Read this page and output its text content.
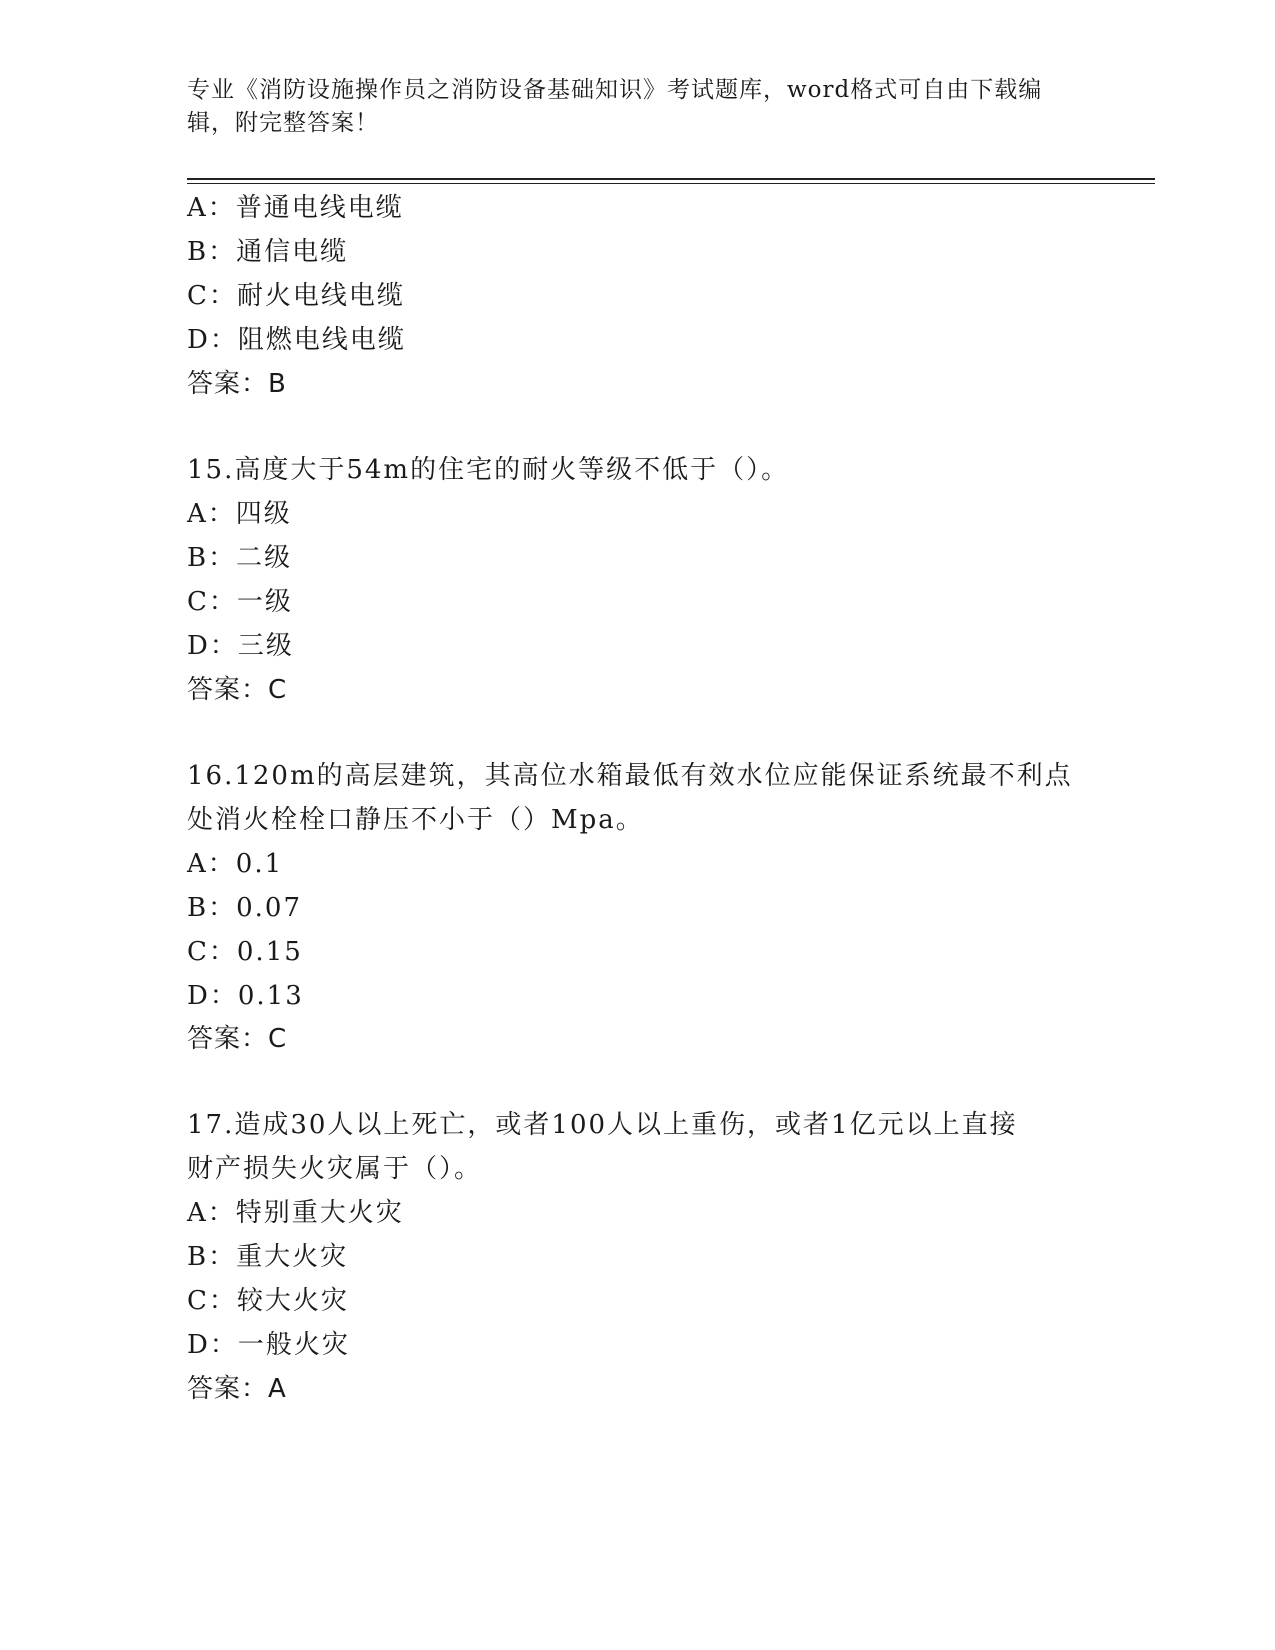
专业《消防设施操作员之消防设备基础知识》考试题库，word格式可自由下载编
辑，附完整答案！
A：普通电线电缆
B：通信电缆
C：耐火电线电缆
D：阻燃电线电缆
答案：B
15.高度大于54m的住宅的耐火等级不低于（）。
A：四级
B：二级
C：一级
D：三级
答案：C
16.120m的高层建筑，其高位水箱最低有效水位应能保证系统最不利点
处消火栓栓口静压不小于（）Mpa。
A：0.1
B：0.07
C：0.15
D：0.13
答案：C
17.造成30人以上死亡，或者100人以上重伤，或者1亿元以上直接
财产损失火灾属于（）。
A：特别重大火灾
B：重大火灾
C：较大火灾
D：一般火灾
答案：A
